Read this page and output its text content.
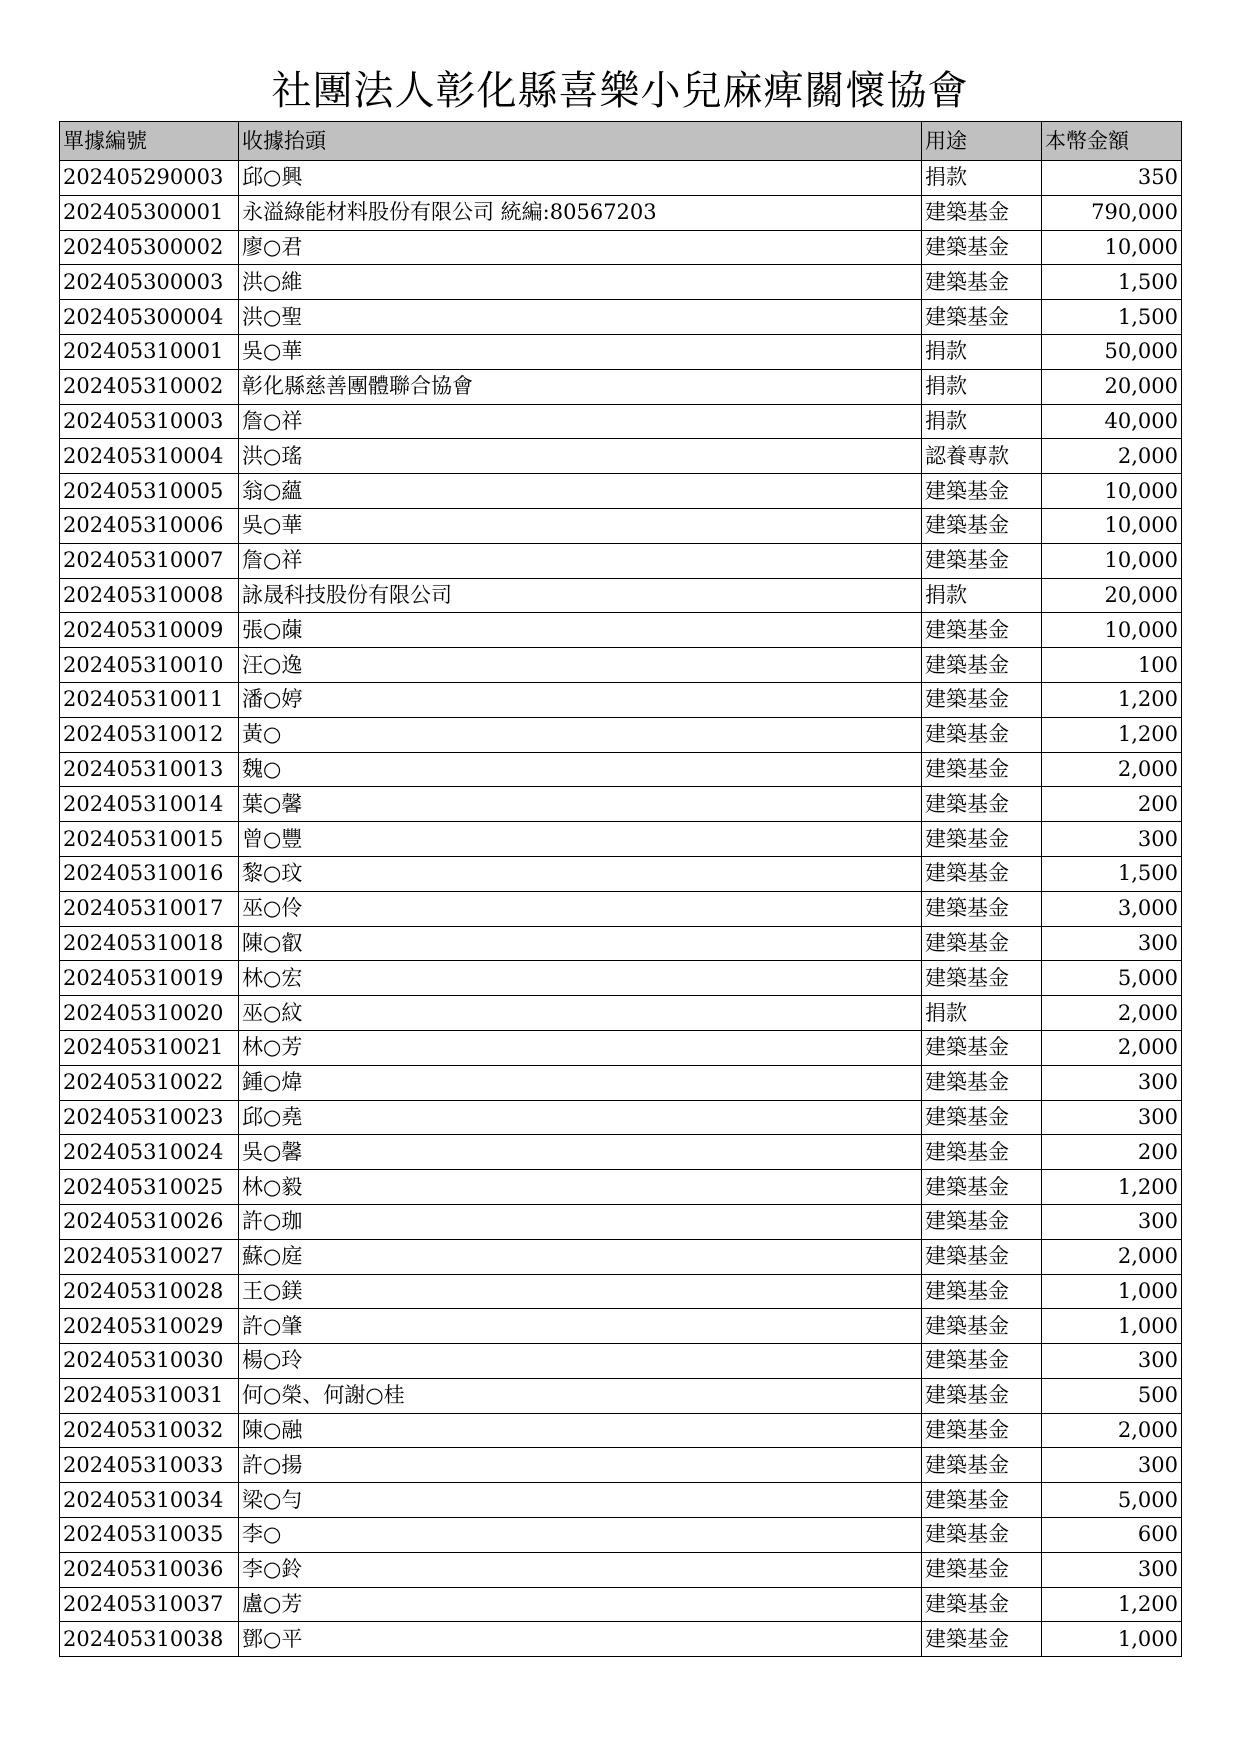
社團法人彰化縣喜樂小兒麻痺關懷協會
單據編號	收據抬頭	用途	本幣金額
202405290003	邱○興	捐款	350
202405300001	永溢綠能材料股份有限公司 統編:80567203	建築基金	790,000
202405300002	廖○君	建築基金	10,000
202405300003	洪○維	建築基金	1,500
202405300004	洪○聖	建築基金	1,500
202405310001	吳○華	捐款	50,000
202405310002	彰化縣慈善團體聯合協會	捐款	20,000
202405310003	詹○祥	捐款	40,000
202405310004	洪○瑤	認養專款	2,000
202405310005	翁○蘊	建築基金	10,000
202405310006	吳○華	建築基金	10,000
202405310007	詹○祥	建築基金	10,000
202405310008	詠晟科技股份有限公司	捐款	20,000
202405310009	張○蔯	建築基金	10,000
202405310010	汪○逸	建築基金	100
202405310011	潘○婷	建築基金	1,200
202405310012	黃○	建築基金	1,200
202405310013	魏○	建築基金	2,000
202405310014	葉○馨	建築基金	200
202405310015	曾○豐	建築基金	300
202405310016	黎○玟	建築基金	1,500
202405310017	巫○伶	建築基金	3,000
202405310018	陳○叡	建築基金	300
202405310019	林○宏	建築基金	5,000
202405310020	巫○紋	捐款	2,000
202405310021	林○芳	建築基金	2,000
202405310022	鍾○煒	建築基金	300
202405310023	邱○堯	建築基金	300
202405310024	吳○馨	建築基金	200
202405310025	林○毅	建築基金	1,200
202405310026	許○珈	建築基金	300
202405310027	蘇○庭	建築基金	2,000
202405310028	王○鎂	建築基金	1,000
202405310029	許○肇	建築基金	1,000
202405310030	楊○玲	建築基金	300
202405310031	何○榮、何謝○桂	建築基金	500
202405310032	陳○融	建築基金	2,000
202405310033	許○揚	建築基金	300
202405310034	梁○勻	建築基金	5,000
202405310035	李○	建築基金	600
202405310036	李○鈴	建築基金	300
202405310037	盧○芳	建築基金	1,200
202405310038	鄧○平	建築基金	1,000
